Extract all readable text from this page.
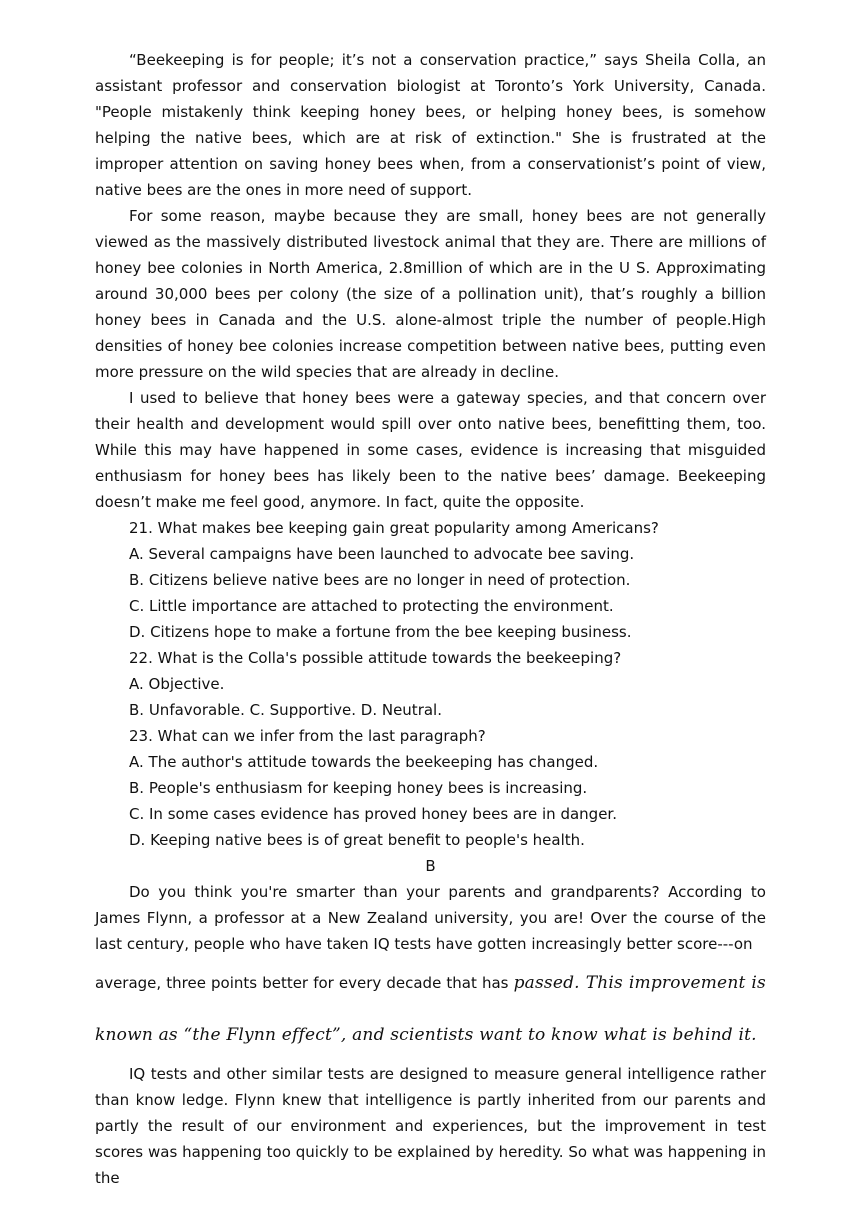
“Beekeeping is for people; it’s not a conservation practice,” says Sheila Colla, an assistant professor and conservation biologist at Toronto’s York University, Canada. "People mistakenly think keeping honey bees, or helping honey bees, is somehow helping the native bees, which are at risk of extinction." She is frustrated at the improper attention on saving honey bees when, from a conservationist’s point of view, native bees are the ones in more need of support.

For some reason, maybe because they are small, honey bees are not generally viewed as the massively distributed livestock animal that they are. There are millions of honey bee colonies in North America, 2.8million of which are in the U S. Approximating around 30,000 bees per colony (the size of a pollination unit), that’s roughly a billion honey bees in Canada and the U.S. alone-almost triple the number of people.High densities of honey bee colonies increase competition between native bees, putting even more pressure on the wild species that are already in decline.

I used to believe that honey bees were a gateway species, and that concern over their health and development would spill over onto native bees, benefitting them, too. While this may have happened in some cases, evidence is increasing that misguided enthusiasm for honey bees has likely been to the native bees’ damage. Beekeeping doesn’t make me feel good, anymore. In fact, quite the opposite.

21. What makes bee keeping gain great popularity among Americans?

A. Several campaigns have been launched to advocate bee saving.

B. Citizens believe native bees are no longer in need of protection.

C. Little importance are attached to protecting the environment.

D. Citizens hope to make a fortune from the bee keeping business.

22. What is the Colla's possible attitude towards the beekeeping?

A. Objective.

B. Unfavorable. C. Supportive. D. Neutral.

23. What can we infer from the last paragraph?

A. The author's attitude towards the beekeeping has changed.

B. People's enthusiasm for keeping honey bees is increasing.

C. In some cases evidence has proved honey bees are in danger.

D. Keeping native bees is of great benefit to people's health.

B

Do you think you're smarter than your parents and grandparents? According to James Flynn, a professor at a New Zealand university, you are! Over the course of the last century, people who have taken IQ tests have gotten increasingly better score---on

average, three points better for every decade that has passed. This improvement is

known as “the Flynn effect”, and scientists want to know what is behind it.

IQ tests and other similar tests are designed to measure general intelligence rather than know ledge. Flynn knew that intelligence is partly inherited from our parents and partly the result of our environment and experiences, but the improvement in test scores was happening too quickly to be explained by heredity. So what was happening in the
